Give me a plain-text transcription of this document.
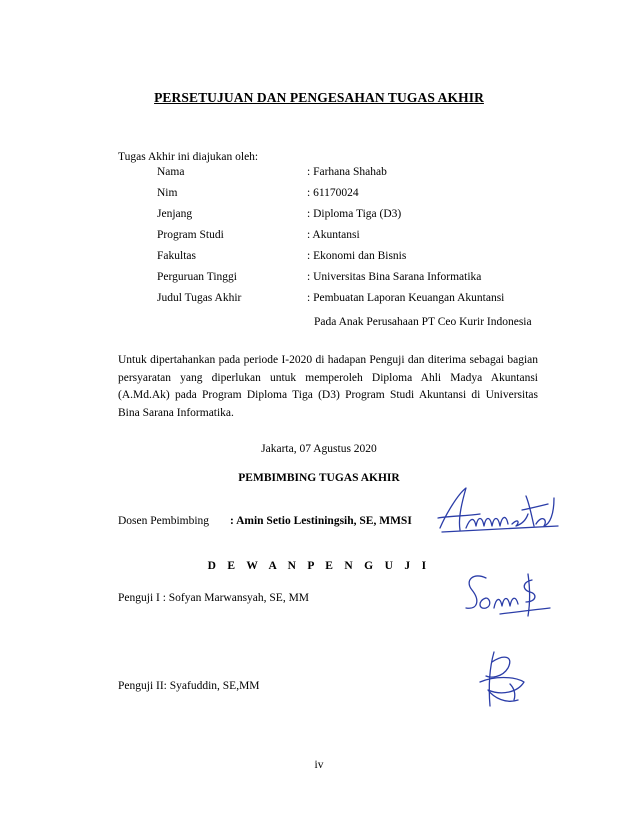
PERSETUJUAN DAN PENGESAHAN TUGAS AKHIR
Tugas Akhir ini diajukan oleh:
Nama	: Farhana Shahab
Nim	: 61170024
Jenjang	: Diploma Tiga (D3)
Program Studi	: Akuntansi
Fakultas	: Ekonomi dan Bisnis
Perguruan Tinggi	: Universitas Bina Sarana Informatika
Judul Tugas Akhir	: Pembuatan Laporan Keuangan Akuntansi
Pada Anak Perusahaan PT Ceo Kurir Indonesia
Untuk dipertahankan pada periode I-2020 di hadapan Penguji dan diterima sebagai bagian persyaratan yang diperlukan untuk memperoleh Diploma Ahli Madya Akuntansi (A.Md.Ak) pada Program Diploma Tiga (D3) Program Studi Akuntansi di Universitas Bina Sarana Informatika.
Jakarta, 07 Agustus 2020
PEMBIMBING TUGAS AKHIR
Dosen Pembimbing : Amin Setio Lestiningsih, SE, MMSI
D E W A N P E N G U J I
Penguji I : Sofyan Marwansyah, SE, MM
Penguji II: Syafuddin, SE,MM
iv
